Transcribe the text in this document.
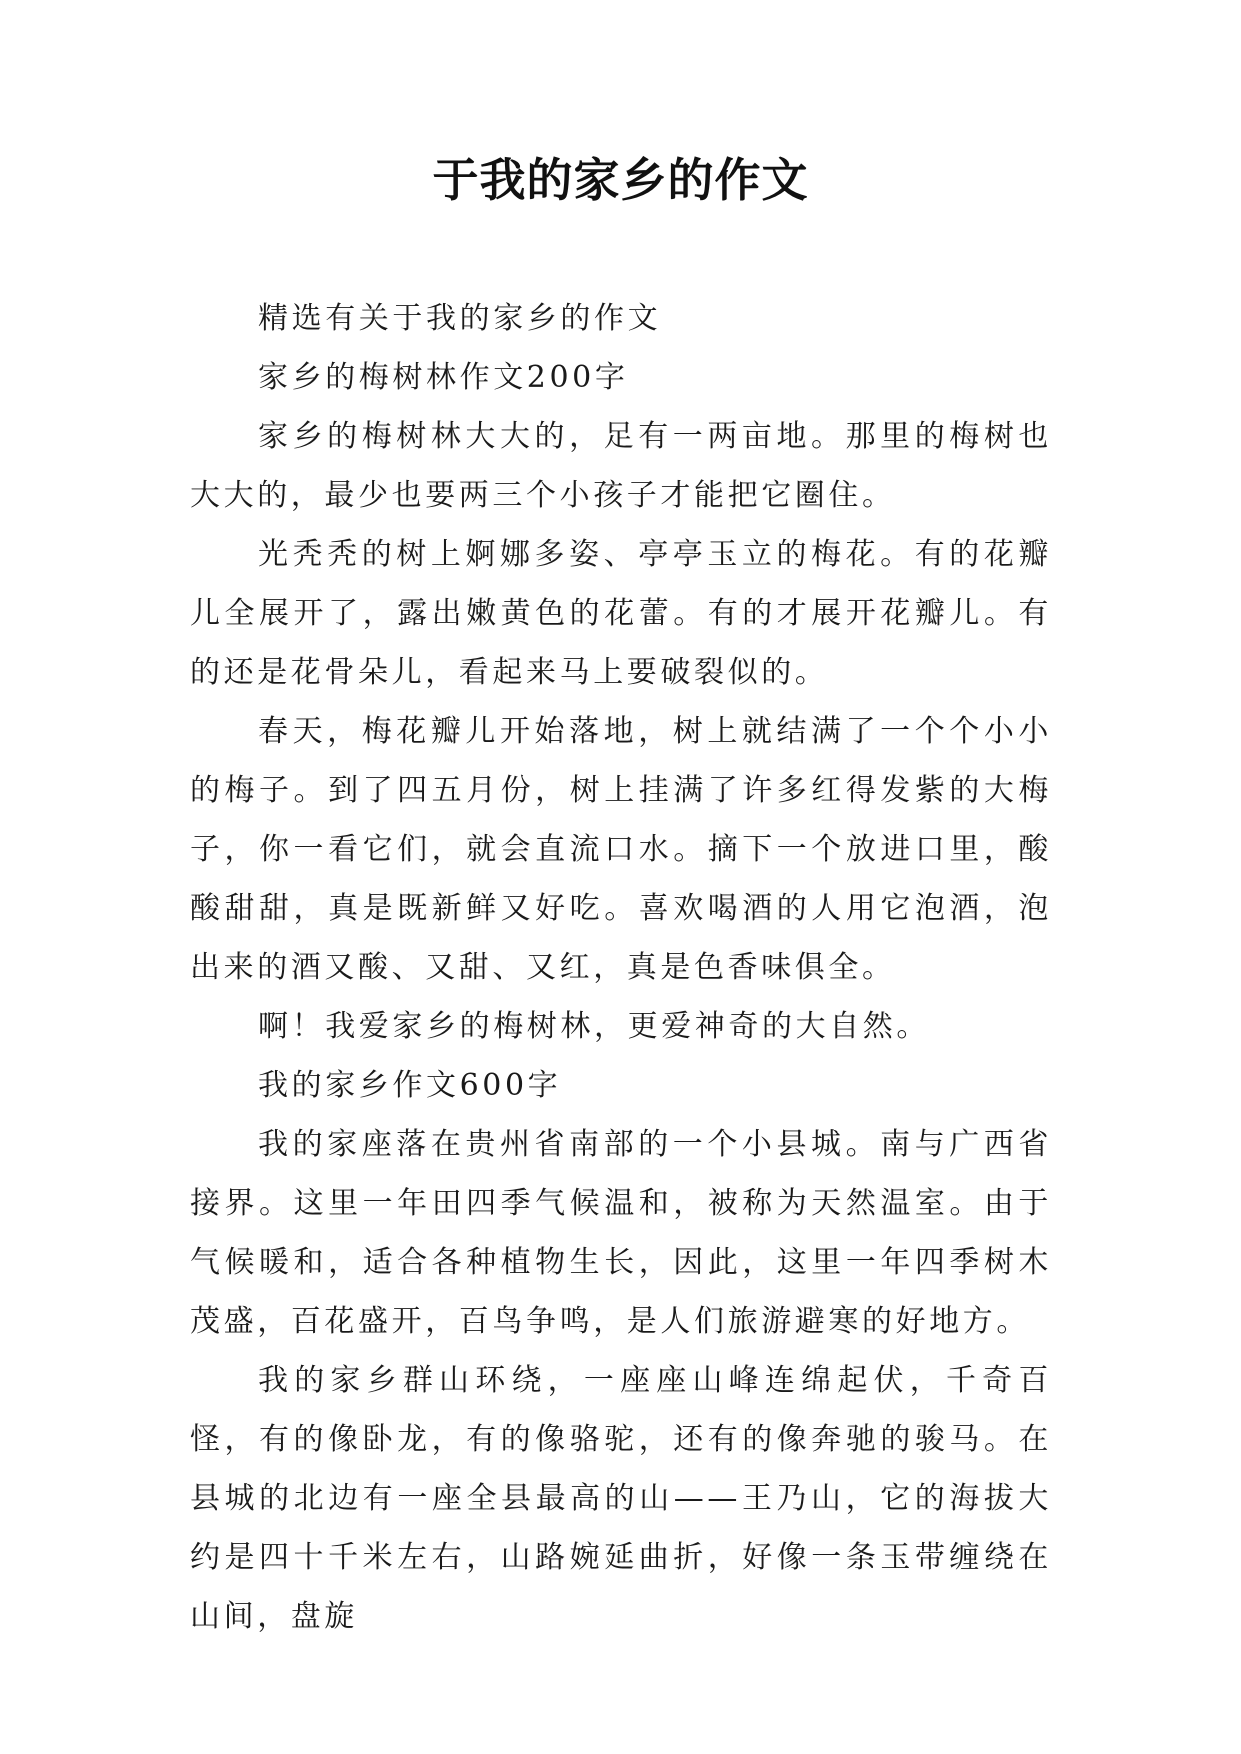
于我的家乡的作文

精选有关于我的家乡的作文

家乡的梅树林作文200字

家乡的梅树林大大的，足有一两亩地。那里的梅树也大大的，最少也要两三个小孩子才能把它圈住。

光秃秃的树上婀娜多姿、亭亭玉立的梅花。有的花瓣儿全展开了，露出嫩黄色的花蕾。有的才展开花瓣儿。有的还是花骨朵儿，看起来马上要破裂似的。

春天，梅花瓣儿开始落地，树上就结满了一个个小小的梅子。到了四五月份，树上挂满了许多红得发紫的大梅子，你一看它们，就会直流口水。摘下一个放进口里，酸酸甜甜，真是既新鲜又好吃。喜欢喝酒的人用它泡酒，泡出来的酒又酸、又甜、又红，真是色香味俱全。

啊！我爱家乡的梅树林，更爱神奇的大自然。

我的家乡作文600字

我的家座落在贵州省南部的一个小县城。南与广西省接界。这里一年田四季气候温和，被称为天然温室。由于气候暖和，适合各种植物生长，因此，这里一年四季树木茂盛，百花盛开，百鸟争鸣，是人们旅游避寒的好地方。

我的家乡群山环绕，一座座山峰连绵起伏，千奇百怪，有的像卧龙，有的像骆驼，还有的像奔驰的骏马。在县城的北边有一座全县最高的山——王乃山，它的海拔大约是四十千米左右，山路婉延曲折，好像一条玉带缠绕在山间，盘旋
